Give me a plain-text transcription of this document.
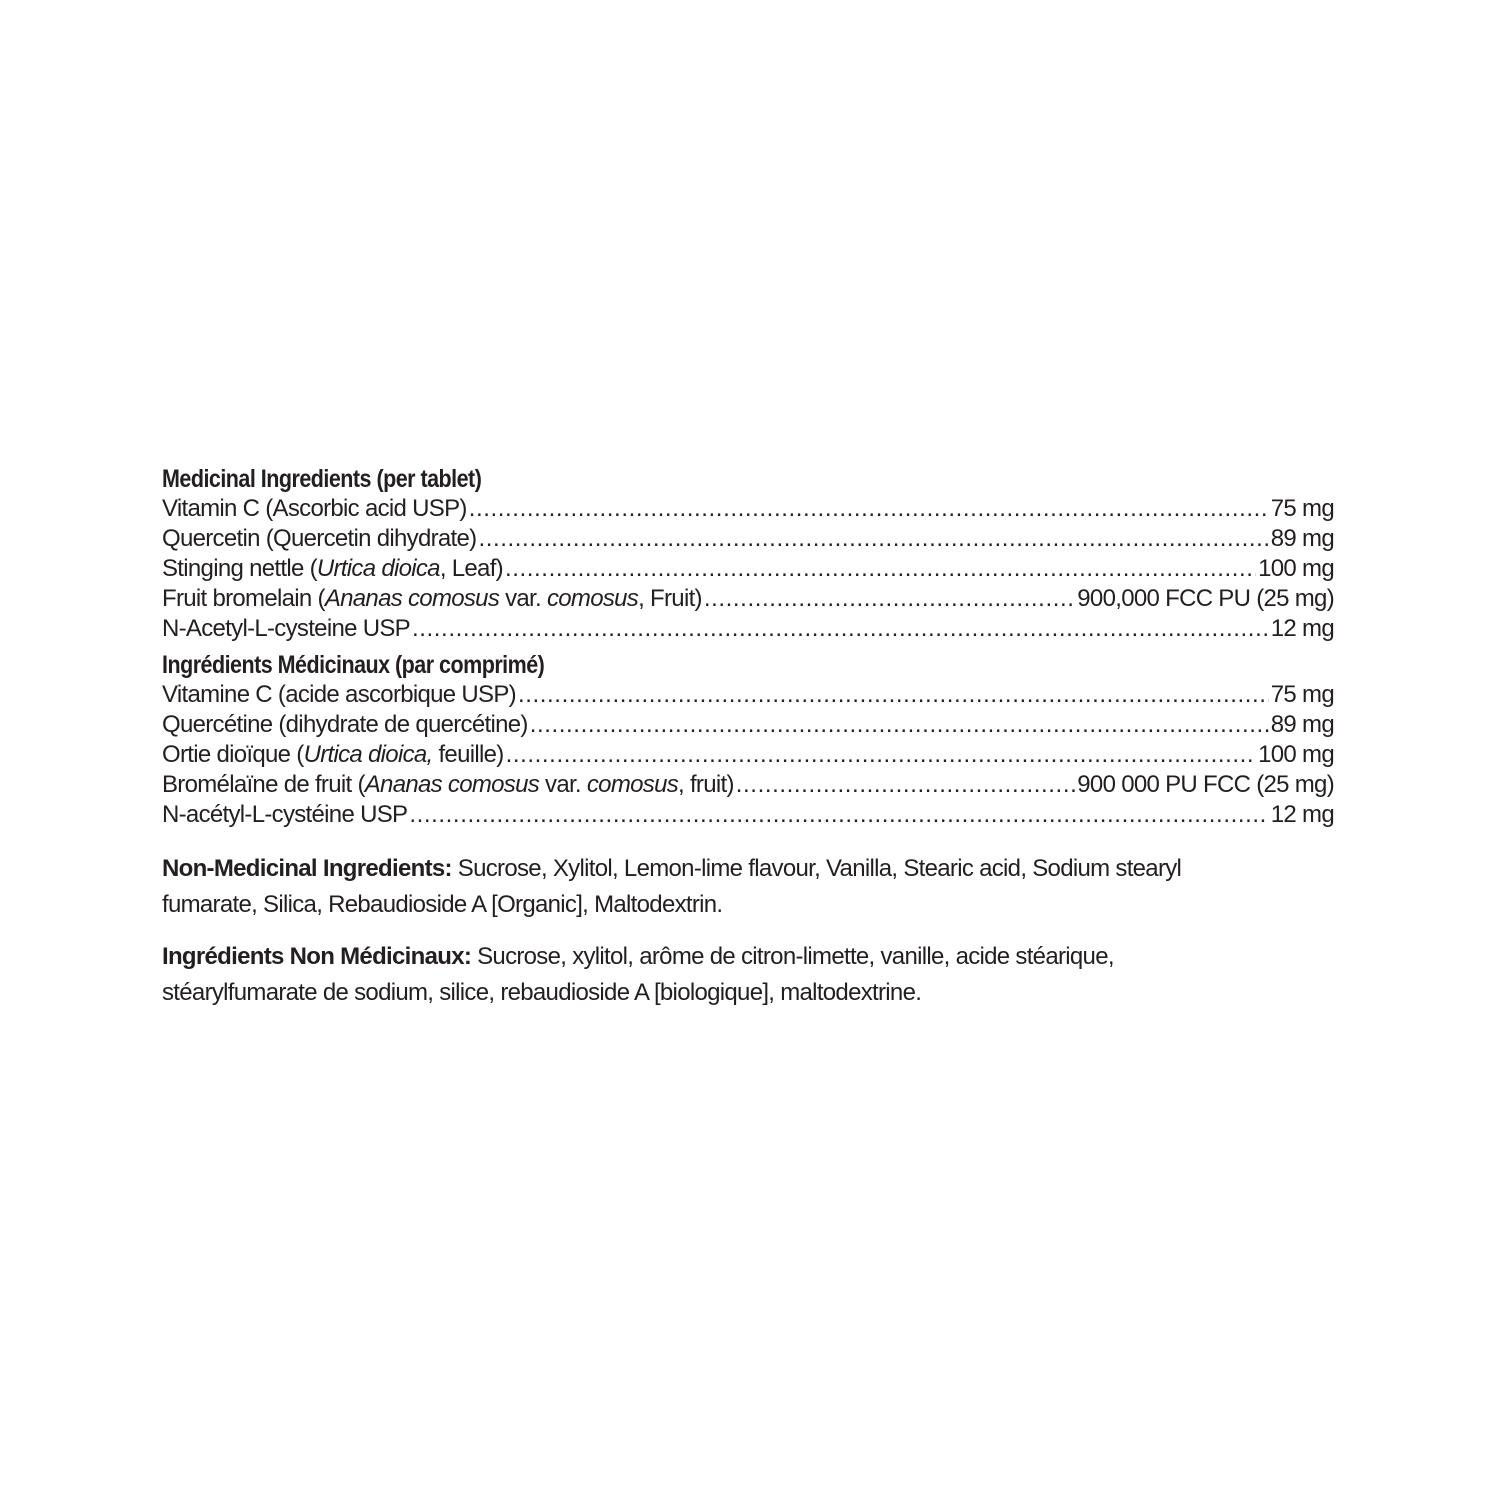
Medicinal Ingredients (per tablet)
Vitamin C (Ascorbic acid USP) .....	75 mg
Quercetin (Quercetin dihydrate) .....	89 mg
Stinging nettle (Urtica dioica, Leaf) .....	100 mg
Fruit bromelain (Ananas comosus var. comosus, Fruit) .....	900,000 FCC PU (25 mg)
N-Acetyl-L-cysteine USP .....	12 mg
Ingrédients Médicinaux (par comprimé)
Vitamine C (acide ascorbique USP) .....	75 mg
Quercétine (dihydrate de quercétine) .....	89 mg
Ortie dioïque (Urtica dioica, feuille) .....	100 mg
Bromélaïne de fruit (Ananas comosus var. comosus, fruit) .....	900 000 PU FCC (25 mg)
N-acétyl-L-cystéine USP .....	12 mg
Non-Medicinal Ingredients: Sucrose, Xylitol, Lemon-lime flavour, Vanilla, Stearic acid, Sodium stearyl fumarate, Silica, Rebaudioside A [Organic], Maltodextrin.
Ingrédients Non Médicinaux: Sucrose, xylitol, arôme de citron-limette, vanille, acide stéarique, stéarylfumarate de sodium, silice, rebaudioside A [biologique], maltodextrine.
